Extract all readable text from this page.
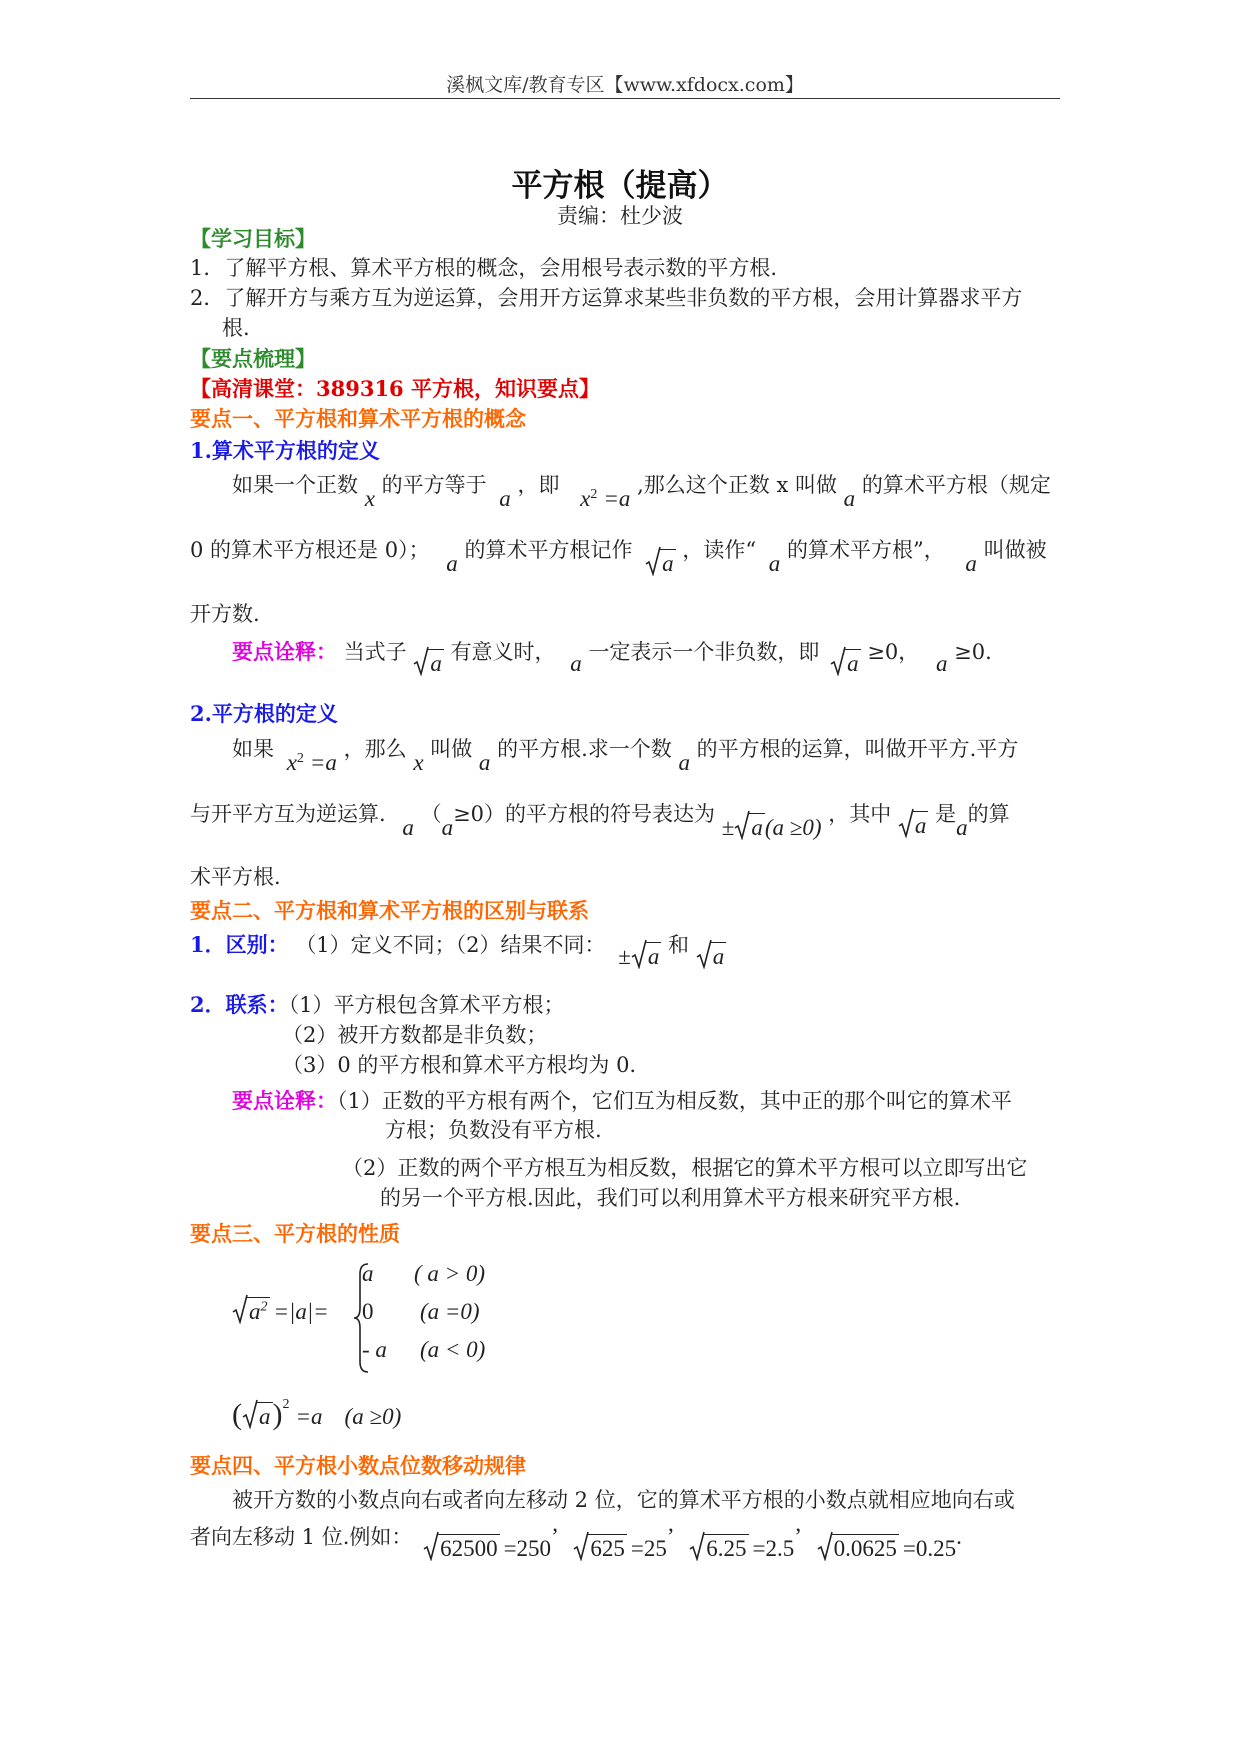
溪枫文库/教育专区【www.xfdocx.com】
平方根（提高）
责编：杜少波
【学习目标】
1．了解平方根、算术平方根的概念，会用根号表示数的平方根.
2．了解开方与乘方互为逆运算，会用开方运算求某些非负数的平方根，会用计算器求平方
根.
【要点梳理】
【高清课堂：389316 平方根，知识要点】
要点一、平方根和算术平方根的概念
1.算术平方根的定义
如果一个正数 x 的平方等于 a ，即 $x^2 =a$ ,那么这个正数 x 叫做 a 的算术平方根（规定
0 的算术平方根还是 0）； a 的算术平方根记作
a ，读作“ a 的算术平方根”， a 叫做被
开方数.
要点诠释： 当式子 a 有意义时， a 一定表示一个非负数，即 a ≥0， a ≥0.
2.平方根的定义
如果 $x^2 =a$ ，那么 x 叫做 a 的平方根.求一个数 a 的平方根的运算，叫做开平方.平方
与开平方互为逆运算. a （a≥0）的平方根的符号表达为 ± a(a ≥0) ，其中 a 是a的算
术平方根.
要点二、平方根和算术平方根的区别与联系
1．区别： （1）定义不同；（2）结果不同： ± a 和 a
2．联系：（1）平方根包含算术平方根；
（2）被开方数都是非负数；
（3）0 的平方根和算术平方根均为 0.
要点诠释：（1）正数的平方根有两个，它们互为相反数，其中正的那个叫它的算术平
方根；负数没有平方根.
（2）正数的两个平方根互为相反数，根据它的算术平方根可以立即写出它
的另一个平方根.因此，我们可以利用算术平方根来研究平方根.
要点三、平方根的性质
$a^2 =|a|=$
a ( a > 0)
0 (a =0)
- a (a < 0)
( a)$^2$ =a (a ≥0)
要点四、平方根小数点位数移动规律
被开方数的小数点向右或者向左移动 2 位，它的算术平方根的小数点就相应地向右或
者向左移动 1 位.例如： 62500 =250’ 625 =25’ 6.25 =2.5’ 0.0625 =0.25.
